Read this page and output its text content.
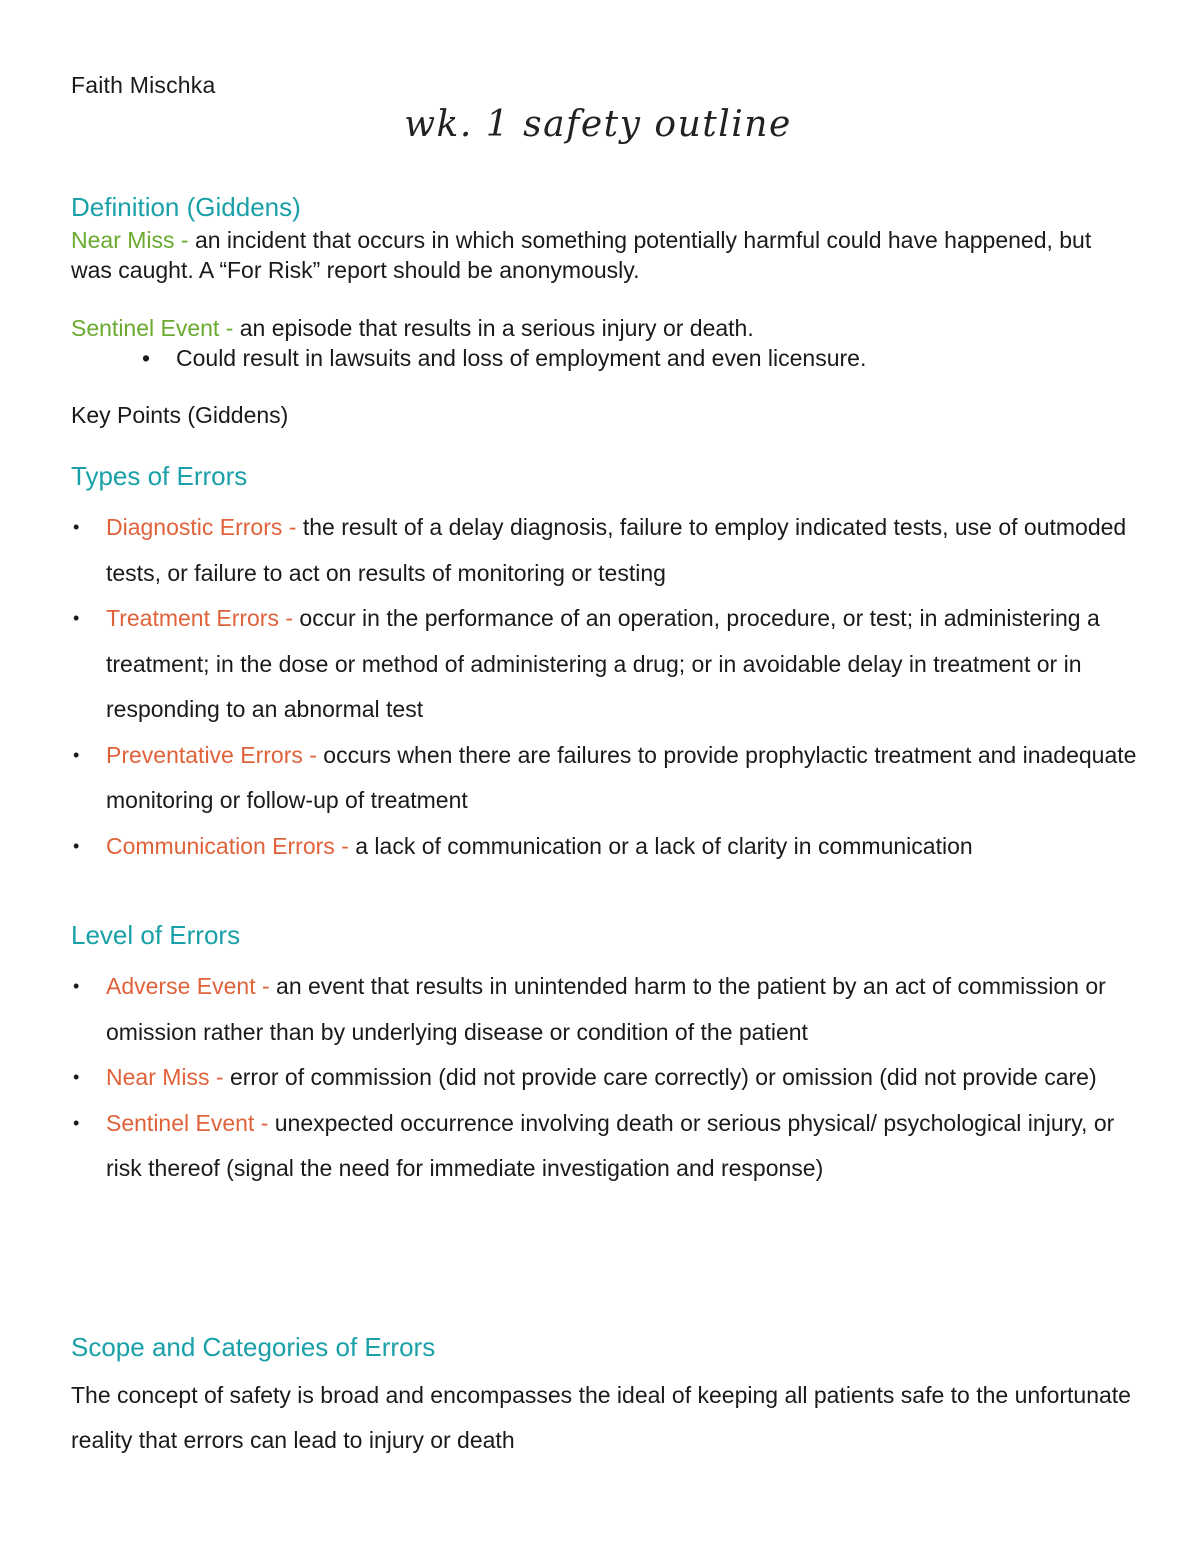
Faith Mischka

wk. 1 safety outline

Definition (Giddens)

Near Miss - an incident that occurs in which something potentially harmful could have happened, but was caught. A “For Risk” report should be anonymously.

Sentinel Event - an episode that results in a serious injury or death.

• Could result in lawsuits and loss of employment and even licensure.

Key Points (Giddens)

Types of Errors

• Diagnostic Errors - the result of a delay diagnosis, failure to employ indicated tests, use of outmoded tests, or failure to act on results of monitoring or testing
• Treatment Errors - occur in the performance of an operation, procedure, or test; in administering a treatment; in the dose or method of administering a drug; or in avoidable delay in treatment or in responding to an abnormal test
• Preventative Errors - occurs when there are failures to provide prophylactic treatment and inadequate monitoring or follow-up of treatment
• Communication Errors - a lack of communication or a lack of clarity in communication

Level of Errors

• Adverse Event - an event that results in unintended harm to the patient by an act of commission or omission rather than by underlying disease or condition of the patient
• Near Miss - error of commission (did not provide care correctly) or omission (did not provide care)
• Sentinel Event - unexpected occurrence involving death or serious physical/ psychological injury, or risk thereof (signal the need for immediate investigation and response)

Scope and Categories of Errors

The concept of safety is broad and encompasses the ideal of keeping all patients safe to the unfortunate reality that errors can lead to injury or death
